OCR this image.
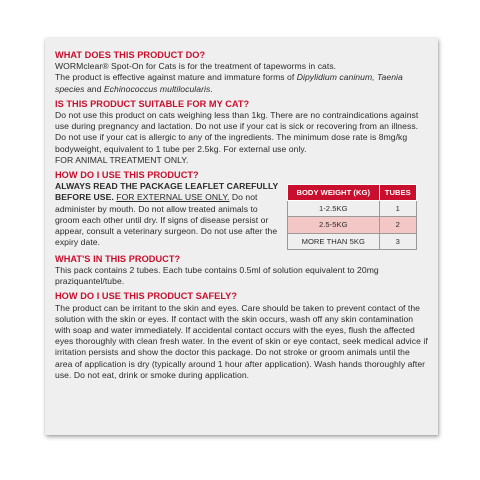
WHAT DOES THIS PRODUCT DO?

WORMclear® Spot-On for Cats is for the treatment of tapeworms in cats.

The product is effective against mature and immature forms of Dipylidium caninum, Taenia species and Echinococcus multilocularis.

IS THIS PRODUCT SUITABLE FOR MY CAT?

Do not use this product on cats weighing less than 1kg. There are no contraindications against use during pregnancy and lactation. Do not use if your cat is sick or recovering from an illness. Do not use if your cat is allergic to any of the ingredients. The minimum dose rate is 8mg/kg bodyweight, equivalent to 1 tube per 2.5kg. For external use only.

FOR ANIMAL TREATMENT ONLY.

HOW DO I USE THIS PRODUCT?

ALWAYS READ THE PACKAGE LEAFLET CAREFULLY BEFORE USE. FOR EXTERNAL USE ONLY. Do not administer by mouth. Do not allow treated animals to groom each other until dry. If signs of disease persist or appear, consult a veterinary surgeon. Do not use after the expiry date.

BODY WEIGHT (KG)	TUBES
1-2.5KG	1
2.5-5KG	2
MORE THAN 5KG	3
WHAT'S IN THIS PRODUCT?

This pack contains 2 tubes. Each tube contains 0.5ml of solution equivalent to 20mg praziquantel/tube.

HOW DO I USE THIS PRODUCT SAFELY?

The product can be irritant to the skin and eyes. Care should be taken to prevent contact of the solution with the skin or eyes. If contact with the skin occurs, wash off any skin contamination with soap and water immediately. If accidental contact occurs with the eyes, flush the affected eyes thoroughly with clean fresh water. In the event of skin or eye contact, seek medical advice if irritation persists and show the doctor this package. Do not stroke or groom animals until the area of application is dry (typically around 1 hour after application). Wash hands thoroughly after use. Do not eat, drink or smoke during application.
